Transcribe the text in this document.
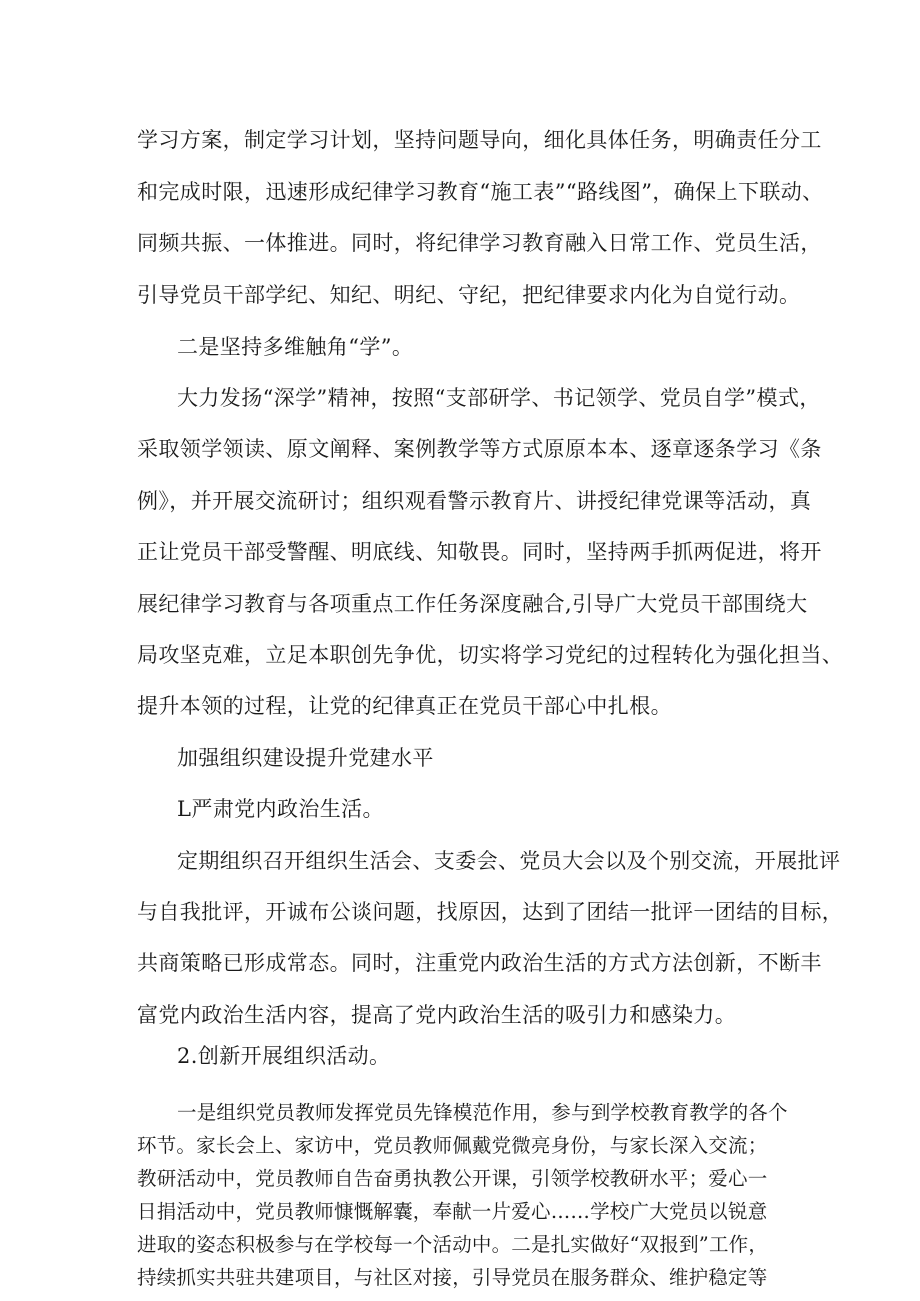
学习方案，制定学习计划，坚持问题导向，细化具体任务，明确责任分工
和完成时限，迅速形成纪律学习教育“施工表”“路线图”，确保上下联动、
同频共振、一体推进。同时，将纪律学习教育融入日常工作、党员生活，
引导党员干部学纪、知纪、明纪、守纪，把纪律要求内化为自觉行动。
二是坚持多维触角“学”。
大力发扬“深学”精神，按照“支部研学、书记领学、党员自学”模式，
采取领学领读、原文阐释、案例教学等方式原原本本、逐章逐条学习《条
例》，并开展交流研讨；组织观看警示教育片、讲授纪律党课等活动，真
正让党员干部受警醒、明底线、知敬畏。同时，坚持两手抓两促进，将开
展纪律学习教育与各项重点工作任务深度融合,引导广大党员干部围绕大
局攻坚克难，立足本职创先争优，切实将学习党纪的过程转化为强化担当、
提升本领的过程，让党的纪律真正在党员干部心中扎根。
加强组织建设提升党建水平
L严肃党内政治生活。
定期组织召开组织生活会、支委会、党员大会以及个别交流，开展批评
与自我批评，开诚布公谈问题，找原因，达到了团结一批评一团结的目标，
共商策略已形成常态。同时，注重党内政治生活的方式方法创新，不断丰
富党内政治生活内容，提高了党内政治生活的吸引力和感染力。
2.创新开展组织活动。
一是组织党员教师发挥党员先锋模范作用，参与到学校教育教学的各个
环节。家长会上、家访中，党员教师佩戴党微亮身份，与家长深入交流；
教研活动中，党员教师自告奋勇执教公开课，引领学校教研水平；爱心一
日捐活动中，党员教师慷慨解囊，奉献一片爱心……学校广大党员以锐意
进取的姿态积极参与在学校每一个活动中。二是扎实做好“双报到”工作，
持续抓实共驻共建项目，与社区对接，引导党员在服务群众、维护稳定等
